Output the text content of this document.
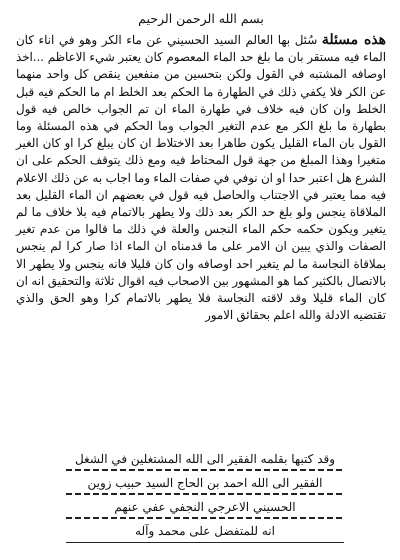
بسم الله الرحمن الرحيم

هذه مسئلة سُئل بها العالم السيد الحسيني عن ماء الكر وهو في اناء كان الماء فيه مستقر بان ما بلغ حد الماء المعصوم كان يعتبر شيء الاعاظم ...اخذ اوصافه المشتبه في القول ولكن بتحسين من منفعين ينقص كل واحد منهما عن الكر فلا يكفي ذلك في الطهارة ما الحكم بعد الخلط ام ما الحكم فيه قبل الخلط وان كان فيه خلاف في طهارة الماء ان تم الجواب خالص فيه قول بطهارة ما بلغ الكر مع عدم التغير الجواب وما الحكم في هذه المسئلة وما القول بان الماء القليل يكون طاهرا بعد الاختلاط ان كان يبلغ كرا او كان الغير متغيرا وهذا المبلغ من جهة قول المحتاط فيه ومع ذلك يتوقف الحكم على ان الشرع هل اعتبر حدا او ان نوفي في صفات الماء وما اجاب به عن ذلك الاعلام فيه مما يعتبر في الاجتناب والحاصل فيه قول في بعضهم ان الماء القليل بعد الملاقاة ينجس ولو بلغ حد الكر بعد ذلك ولا يطهر بالاتمام فيه بلا خلاف ما لم يتغير ويكون حكمه حكم الماء النجس والعلة في ذلك ما قالوا من عدم تغير الصفات والذي يبين ان الامر على ما قدمناه ان الماء اذا صار كرا لم ينجس بملاقاة النجاسة ما لم يتغير احد اوصافه وان كان قليلا فانه ينجس ولا يطهر الا بالاتصال بالكثير كما هو المشهور بين الاصحاب فيه اقوال ثلاثة والتحقيق انه ان كان الماء قليلا وقد لاقته النجاسة فلا يطهر بالاتمام كرا وهو الحق والذي تقتضيه الادلة والله اعلم بحقائق الامور

وقد كتبها بقلمه الفقير الى الله المشتغلين في الشغل
الفقير الى الله احمد بن الحاج السيد حبيب زوين
الحسيني الاعرجي النجفي عفي عنهم
انه للمتفضل على محمد وآله
